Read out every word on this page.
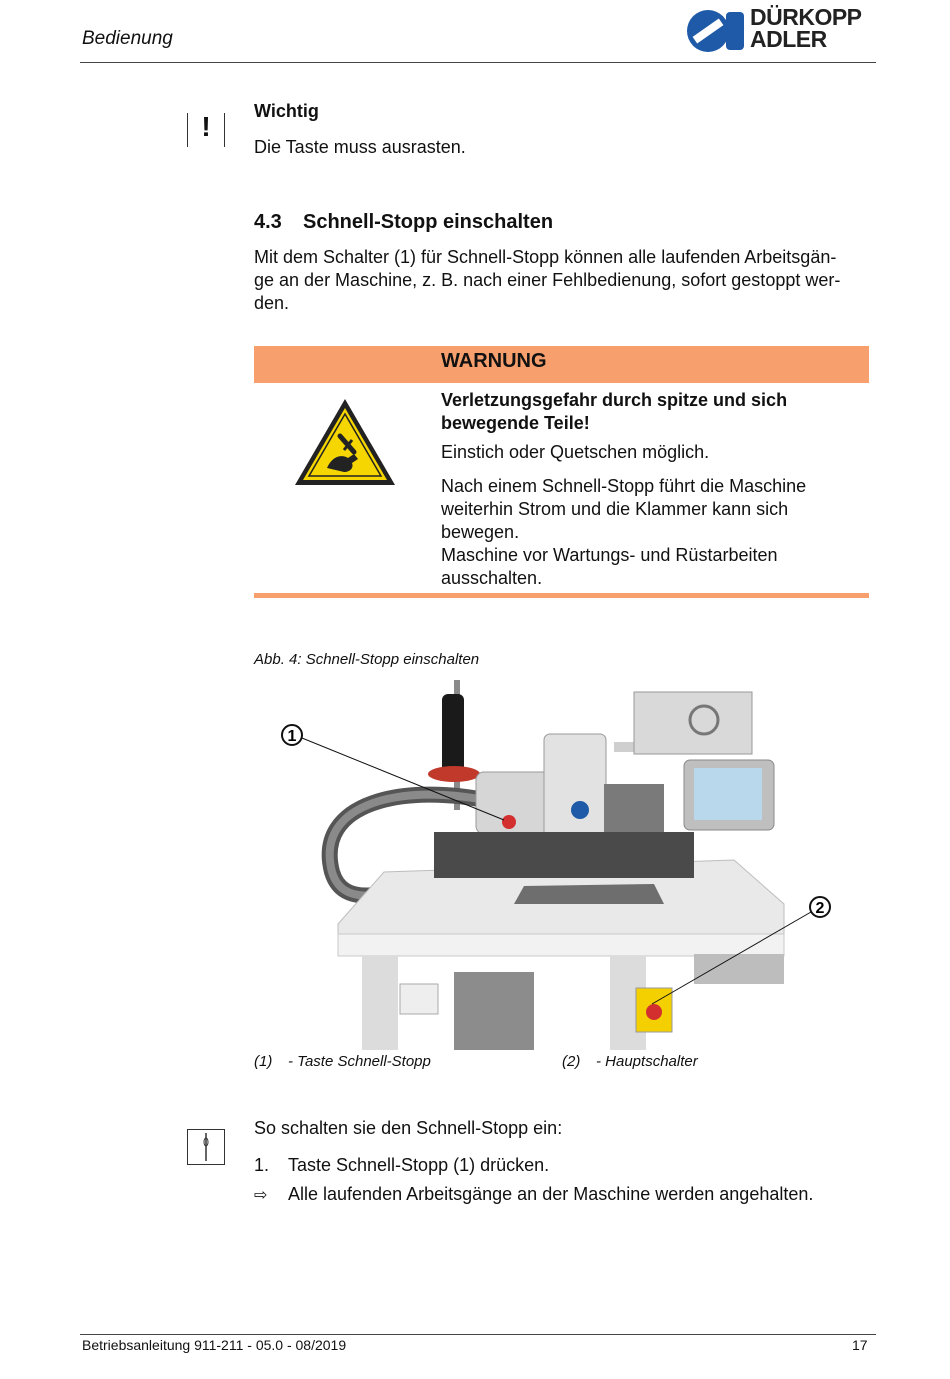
Bedienung
DÜRKOPP
ADLER
!	Wichtig
Die Taste muss ausrasten.
4.3 Schnell-Stopp einschalten
Mit dem Schalter (1) für Schnell-Stopp können alle laufenden Arbeitsgän-
ge an der Maschine, z. B. nach einer Fehlbedienung, sofort gestoppt wer-
den.
WARNUNG
Verletzungsgefahr durch spitze und sich
bewegende Teile!
Einstich oder Quetschen möglich.
Nach einem Schnell-Stopp führt die Maschine
weiterhin Strom und die Klammer kann sich
bewegen.
Maschine vor Wartungs- und Rüstarbeiten
ausschalten.
Abb. 4: Schnell-Stopp einschalten
1
2
(1) - Taste Schnell-Stopp	(2) - Hauptschalter
So schalten sie den Schnell-Stopp ein:
1. Taste Schnell-Stopp (1) drücken.
⇨ Alle laufenden Arbeitsgänge an der Maschine werden angehalten.
Betriebsanleitung 911-211 - 05.0 - 08/2019	17
